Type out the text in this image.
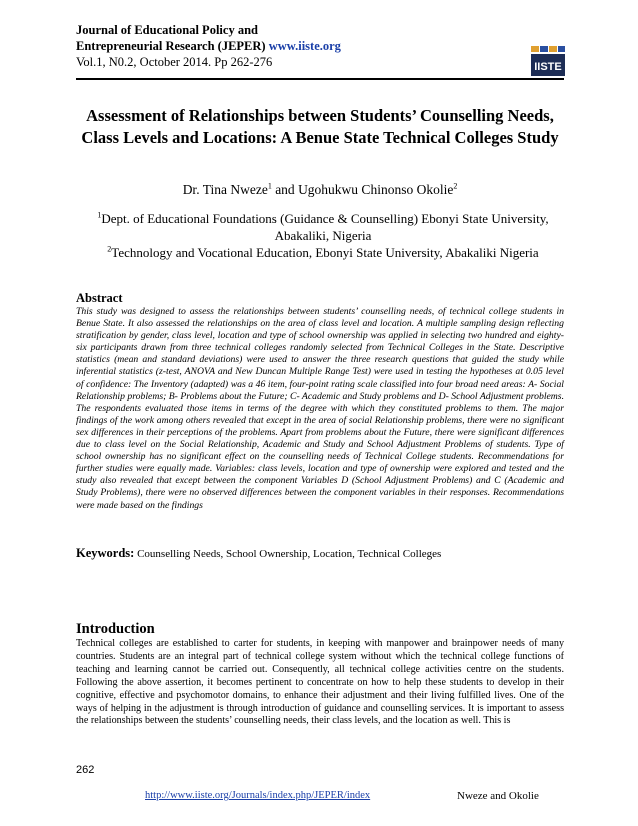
Journal of Educational Policy and
Entrepreneurial Research (JEPER) www.iiste.org
Vol.1, N0.2, October 2014. Pp 262-276	IISTE
Assessment of Relationships between Students’ Counselling Needs,
Class Levels and Locations: A Benue State Technical Colleges Study
Dr. Tina Nweze$^1$ and Ugohukwu Chinonso Okolie$^2$
$^1$Dept. of Educational Foundations (Guidance & Counselling) Ebonyi State University,
Abakaliki, Nigeria
$^2$Technology and Vocational Education, Ebonyi State University, Abakaliki Nigeria
Abstract
This study was designed to assess the relationships between students’ counselling needs, of technical college students in Benue State. It also assessed the relationships on the area of class level and location. A multiple sampling design reflecting stratification by gender, class level, location and type of school ownership was applied in selecting two hundred and eighty-six participants drawn from three technical colleges randomly selected from Technical Colleges in the State. Descriptive statistics (mean and standard deviations) were used to answer the three research questions that guided the study while inferential statistics (z-test, ANOVA and New Duncan Multiple Range Test) were used in testing the hypotheses at 0.05 level of confidence: The Inventory (adapted) was a 46 item, four-point rating scale classified into four broad need areas: A- Social Relationship problems; B- Problems about the Future; C- Academic and Study problems and D- School Adjustment problems. The respondents evaluated those items in terms of the degree with which they constituted problems to them. The major findings of the work among others revealed that except in the area of social Relationship problems, there were no significant sex differences in their perceptions of the problems. Apart from problems about the Future, there were significant differences due to class level on the Social Relationship, Academic and Study and School Adjustment Problems of students. Type of school ownership has no significant effect on the counselling needs of Technical College students. Recommendations for further studies were equally made. Variables: class levels, location and type of ownership were explored and tested and the study also revealed that except between the component Variables D (School Adjustment Problems) and C (Academic and Study Problems), there were no observed differences between the component variables in their responses. Recommendations were made based on the findings
Keywords: Counselling Needs, School Ownership, Location, Technical Colleges
Introduction
Technical colleges are established to carter for students, in keeping with manpower and brainpower needs of many countries. Students are an integral part of technical college system without which the technical college functions of teaching and learning cannot be carried out. Consequently, all technical college activities centre on the students. Following the above assertion, it becomes pertinent to concentrate on how to help these students to develop in their cognitive, effective and psychomotor domains, to enhance their adjustment and their living fulfilled lives. One of the ways of helping in the adjustment is through introduction of guidance and counselling services. It is important to assess the relationships between the students’ counselling needs, their class levels, and the location as well. This is
262
http://www.iiste.org/Journals/index.php/JEPER/index	Nweze and Okolie
